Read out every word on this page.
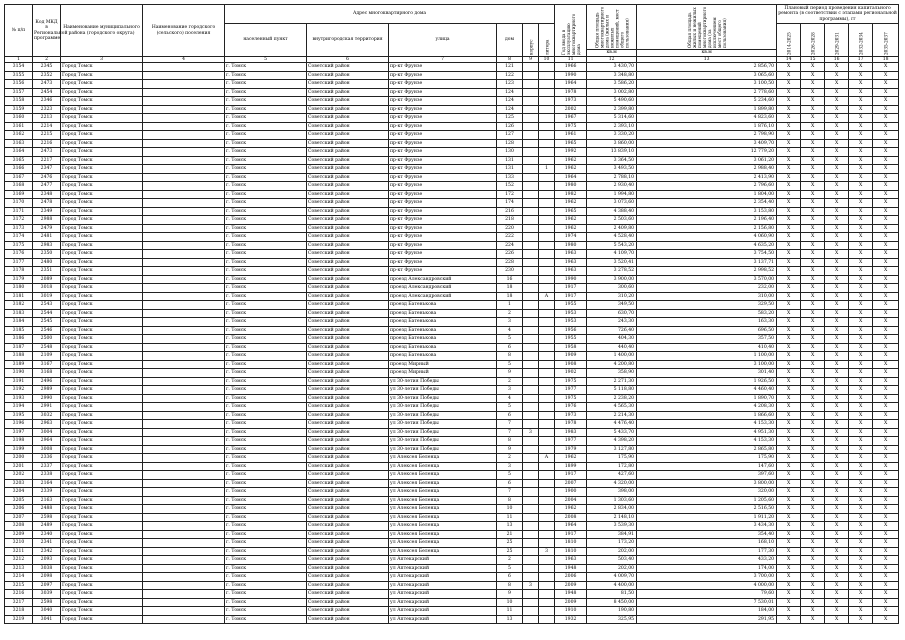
№ п/п	Код МКД в Региональной программе	Наименование муниципального района (городского округа)	Наименование городского (сельского) поселения	Адрес многоквартирного дома						Год ввода в эксплуатацию многоквартирного дома	Общая площадь многоквартирного дома (жилых и нежилых помещений, мест общего пользования)	Общая площадь жилых и нежилых помещений многоквартирного дома (за исключением мест общего пользования)	Плановый период проведения капитального ремонта (в соответствии с этапами региональной программы), гг				
				населенный пункт	внутригородская территория	улица	дом	корпус	литера				2014-2025	2026-2028	2029-2031	2032-2034	2035-2037
											кв.м	кв.м					
1	2	3	4	5	6	7	8	9	10	11	12	13	14	15	16	17	18
3154	2345	Город Томск		г. Томск	Советский район	пр-кт Фрунзе	121			1966	3 430,70	2 856,70	X	X	X	X	X
3155	2352	Город Томск		г. Томск	Советский район	пр-кт Фрунзе	122			1990	3 348,80	3 065,60	X	X	X	X	X
3156	2473	Город Томск		г. Томск	Советский район	пр-кт Фрунзе	123			1964	3 586,20	3 100,50	X	X	X	X	X
3157	2454	Город Томск		г. Томск	Советский район	пр-кт Фрунзе	124			1978	3 002,80	2 778,60	X	X	X	X	X
3158	2346	Город Томск		г. Томск	Советский район	пр-кт Фрунзе	124			1973	5 490,60	5 234,60	X	X	X	X	X
3159	2323	Город Томск		г. Томск	Советский район	пр-кт Фрунзе	124			2002	2 399,80	1 899,80	X	X	X	X	X
3160	2213	Город Томск		г. Томск	Советский район	пр-кт Фрунзе	125			1967	5 314,60	4 823,60	X	X	X	X	X
3161	2214	Город Томск		г. Томск	Советский район	пр-кт Фрунзе	126			1975	2 393,10	1 876,10	X	X	X	X	X
3162	2215	Город Томск		г. Томск	Советский район	пр-кт Фрунзе	127			1961	3 330,20	2 798,90	X	X	X	X	X
3163	2216	Город Томск		г. Томск	Советский район	пр-кт Фрунзе	128			1965	3 860,00	3 409,70	X	X	X	X	X
3164	2473	Город Томск		г. Томск	Советский район	пр-кт Фрунзе	130			1992	13 839,10	12 779,20	X	X	X	X	X
3165	2217	Город Томск		г. Томск	Советский район	пр-кт Фрунзе	131			1962	3 364,50	3 061,20	X	X	X	X	X
3166	2347	Город Томск		г. Томск	Советский район	пр-кт Фрунзе	131		1	1962	3 493,50	2 988,40	X	X	X	X	X
3167	2476	Город Томск		г. Томск	Советский район	пр-кт Фрунзе	133			1964	2 788,10	2 413,90	X	X	X	X	X
3168	2477	Город Томск		г. Томск	Советский район	пр-кт Фрунзе	152			1980	2 930,40	2 796,60	X	X	X	X	X
3169	2348	Город Томск		г. Томск	Советский район	пр-кт Фрунзе	172			1982	1 994,80	1 804,00	X	X	X	X	X
3170	2478	Город Томск		г. Томск	Советский район	пр-кт Фрунзе	174			1962	3 073,60	2 354,40	X	X	X	X	X
3171	2349	Город Томск		г. Томск	Советский район	пр-кт Фрунзе	216			1965	4 388,40	3 153,80	X	X	X	X	X
3172	2988	Город Томск		г. Томск	Советский район	пр-кт Фрунзе	218			1962	2 503,60	2 196,40	X	X	X	X	X
3173	2479	Город Томск		г. Томск	Советский район	пр-кт Фрунзе	220			1962	2 409,80	2 156,80	X	X	X	X	X
3174	2481	Город Томск		г. Томск	Советский район	пр-кт Фрунзе	222			1974	4 528,40	4 060,90	X	X	X	X	X
3175	2983	Город Томск		г. Томск	Советский район	пр-кт Фрунзе	224			1980	5 543,20	4 635,20	X	X	X	X	X
3176	2350	Город Томск		г. Томск	Советский район	пр-кт Фрунзе	226			1963	4 109,70	3 754,50	X	X	X	X	X
3177	2480	Город Томск		г. Томск	Советский район	пр-кт Фрунзе	228			1963	3 520,41	3 137,71	X	X	X	X	X
3178	2351	Город Томск		г. Томск	Советский район	пр-кт Фрунзе	230			1963	3 278,52	2 998,52	X	X	X	X	X
3179	2089	Город Томск		г. Томск	Советский район	проезд Александровский	16			1990	3 900,00	3 570,00	X	X	X	X	X
3180	3018	Город Томск		г. Томск	Советский район	проезд Александровский	18			1917	300,60	232,00	X	X	X	X	X
3181	3019	Город Томск		г. Томск	Советский район	проезд Александровский	18		А	1917	310,20	310,00	X	X	X	X	X
3182	2543	Город Томск		г. Томск	Советский район	проезд Батенькова	1			1955	349,50	329,50	X	X	X	X	X
3183	2544	Город Томск		г. Томск	Советский район	проезд Батенькова	2			1953	630,70	583,20	X	X	X	X	X
3184	2545	Город Томск		г. Томск	Советский район	проезд Батенькова	3			1953	243,30	163,30	X	X	X	X	X
3185	2546	Город Томск		г. Томск	Советский район	проезд Батенькова	4			1956	726,40	696,50	X	X	X	X	X
3186	2500	Город Томск		г. Томск	Советский район	проезд Батенькова	5			1955	404,30	357,50	X	X	X	X	X
3187	2548	Город Томск		г. Томск	Советский район	проезд Батенькова	6			1958	440,40	410,40	X	X	X	X	X
3188	2109	Город Томск		г. Томск	Советский район	проезд Батенькова	8			1909	1 400,00	1 100,00	X	X	X	X	X
3189	3167	Город Томск		г. Томск	Советский район	проезд Мирный	5			1908	4 200,80	3 100,00	X	X	X	X	X
3190	3168	Город Томск		г. Томск	Советский район	проезд Мирный	9			1902	358,90	301,40	X	X	X	X	X
3191	2496	Город Томск		г. Томск	Советский район	ул 30-летия Победы	2			1975	2 271,30	1 926,50	X	X	X	X	X
3192	2989	Город Томск		г. Томск	Советский район	ул 30-летия Победы	3			1977	5 118,80	4 460,40	X	X	X	X	X
3193	2990	Город Томск		г. Томск	Советский район	ул 30-летия Победы	4			1975	2 238,20	1 890,70	X	X	X	X	X
3194	2991	Город Томск		г. Томск	Советский район	ул 30-летия Победы	5			1976	4 565,30	4 208,30	X	X	X	X	X
3195	3032	Город Томск		г. Томск	Советский район	ул 30-летия Победы	6			1973	2 214,30	1 866,60	X	X	X	X	X
3196	2963	Город Томск		г. Томск	Советский район	ул 30-летия Победы	7			1978	4 476,40	4 153,30	X	X	X	X	X
3197	3004	Город Томск		г. Томск	Советский район	ул 30-летия Победы	7	3		1983	5 433,70	4 951,30	X	X	X	X	X
3198	2964	Город Томск		г. Томск	Советский район	ул 30-летия Победы	8			1977	4 398,20	4 153,30	X	X	X	X	X
3199	3008	Город Томск		г. Томск	Советский район	ул 30-летия Победы	9			1979	3 127,80	2 865,80	X	X	X	X	X
3200	2336	Город Томск		г. Томск	Советский район	ул Алексея Беленца	2		А	1962	175,90	175,90	X	X	X	X	X
3201	2337	Город Томск		г. Томск	Советский район	ул Алексея Беленца	3			1899	172,80	147,60	X	X	X	X	X
3202	2338	Город Томск		г. Томск	Советский район	ул Алексея Беленца	5			1917	427,60	397,60	X	X	X	X	X
3203	2164	Город Томск		г. Томск	Советский район	ул Алексея Беленца	6			2007	4 320,00	3 800,00	X	X	X	X	X
3204	2339	Город Томск		г. Томск	Советский район	ул Алексея Беленца	7			1900	398,00	320,00	X	X	X	X	X
3205	2163	Город Томск		г. Томск	Советский район	ул Алексея Беленца	8			2004	1 303,60	1 205,60	X	X	X	X	X
3206	2488	Город Томск		г. Томск	Советский район	ул Алексея Беленца	10			1962	2 834,00	2 516,50	X	X	X	X	X
3207	2598	Город Томск		г. Томск	Советский район	ул Алексея Беленца	11			2008	2 148,10	1 911,20	X	X	X	X	X
3208	2489	Город Томск		г. Томск	Советский район	ул Алексея Беленца	13			1964	3 539,30	3 434,30	X	X	X	X	X
3209	2340	Город Томск		г. Томск	Советский район	ул Алексея Беленца	21			1917	384,91	354,40	X	X	X	X	X
3210	2341	Город Томск		г. Томск	Советский район	ул Алексея Беленца	25			1810	173,20	168,10	X	X	X	X	X
3211	2342	Город Томск		г. Томск	Советский район	ул Алексея Беленца	25		3	1810	202,00	177,30	X	X	X	X	X
3212	2093	Город Томск		г. Томск	Советский район	ул Аптекарский	2			1963	503,40	433,20	X	X	X	X	X
3213	3038	Город Томск		г. Томск	Советский район	ул Аптекарский	5			1948	202,00	174,00	X	X	X	X	X
3214	2098	Город Томск		г. Томск	Советский район	ул Аптекарский	6			2006	4 009,70	3 700,00	X	X	X	X	X
3215	2097	Город Томск		г. Томск	Советский район	ул Аптекарский	8	3		2009	4 400,00	4 000,00	X	X	X	X	X
3216	3039	Город Томск		г. Томск	Советский район	ул Аптекарский	9			1948	81,50	79,60	X	X	X	X	X
3217	2598	Город Томск		г. Томск	Советский район	ул Аптекарский	10			2009	8 450,00	7 530,01	X	X	X	X	X
3218	3040	Город Томск		г. Томск	Советский район	ул Аптекарский	11			1910	190,80	184,00	X	X	X	X	X
3219	3041	Город Томск		г. Томск	Советский район	ул Аптекарский	13			1932	325,95	291,95	X	X	X	X	X
